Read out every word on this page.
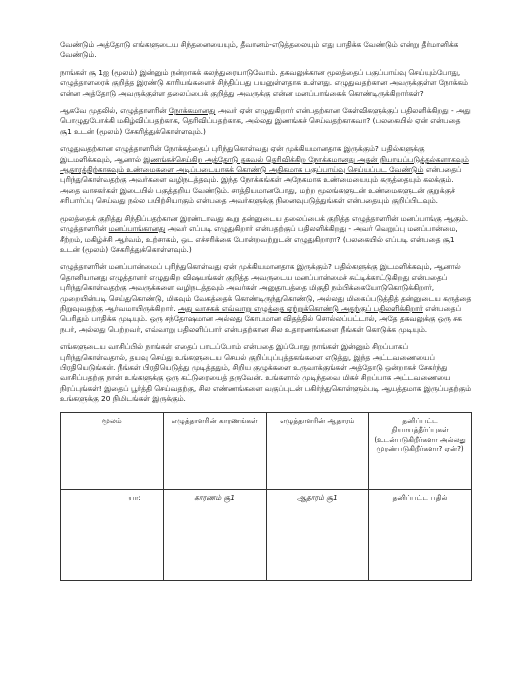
வேண்டும் அத்தோடு எங்களுடைய சிந்தனையையும், தீவானம்-எடுத்தலையும் எது பாதிக்க வேண்டும் என்று தீர்மானிக்க வேண்டும்.

நாங்கள் சூ 1ஐ (மூலம்) இன்னும் நன்றாகக் கலந்துரையாடுவோம். தகவலுக்கான மூலத்தைப் பகுப்பாய்வு செய்யும்போது, எழுத்தாளரைக் குறித்த இரண்டு காரியங்களைச் சிந்திப்பது பயனுள்ளதாக உள்ளது. எழுதுவதற்கான அவருக்குள்ள நோக்கம் என்ன அத்தோடு அவருக்குள்ள தலைப்பைக் குறித்து அவருக்கு என்ன மனப்பாங்கைக் கொண்டிருக்கிறார்கள்?

ஆகவே முதலில், எழுத்தாளரின் நோக்கமானது அவர் ஏன் எழுதுகிறார் என்பதற்கான கேள்விகளுக்குப் பதிலளிக்கிறது - அது பொழுதுபோக்கி மகிழ்விப்பதற்காக, தெரிவிப்பதற்காக, அல்லது இணங்கச் செய்வதற்காகவா? (பலகையில் ஏன் என்பதை சூ1 உடன் (மூலம்) சேகரித்துக்கொள்ளவும்.)

எழுதுவதற்கான எழுத்தாளரின் நோக்கத்தைப் புரிந்துகொள்வது ஏன் முக்கியமானதாக இருக்கும்? பதில்களுக்கு இடமளிக்கவும், ஆனால் இணங்கச்செய்கிற அத்தோடு தகவல் தெரிவிக்கிற நோக்கமானது அதன் நியாயப்படுத்தல்களாகவும் ஆதாரத்திற்காகவும் உண்மைகளை அடிப்படையாகக் கொண்டு அதிகமாக பகுப்பாய்வு செய்யப்பட வேண்டும் என்பதைப் புரிந்துகொள்வதற்கு அவர்களை வழிநடத்தவும். இந்த நோக்கங்கள் அநேகமாக உண்மையையும் கருத்தையும் கலக்கும். அதை வாசகர்கள் இடையில் பகுத்தறிய வேண்டும். சாத்தியமானபோது, மற்ற மூலங்களுடன் உண்மைகளுடன் குறுக்குச் சரிபார்ப்பு செய்வது நல்ல பயிற்சியாகும் என்பதை அவர்களுக்கு நினைவுபடுத்துங்கள் என்பதையும் குறிப்பிடவும்.

மூலத்தைக் குறித்து சிந்திப்பதற்கான இரண்டாவது கூறு தன்னுடைய தலைப்பைக் குறித்த எழுத்தாளரின் மனப்பாங்கு ஆகும். எழுத்தாளரின் மனப்பாங்கானது அவர் எப்படி எழுதுகிறார் என்பதற்குப் பதிலளிக்கிறது - அவர் வெறுப்பு மனப்பான்மை, சீற்றம், மகிழ்ச்சி ஆர்வம், உற்சாகம், ஒட எச்சரிக்கை போன்றவற்றுடன் எழுதுகிறாரா? (பலகையில் எப்படி என்பதை சூ1 உடன் (மூலம்) சேகரித்துக்கொள்ளவும்.)

எழுத்தாளரின் மனப்பான்மைப் புரிந்துகொள்வது ஏன் முக்கியமானதாக இருக்கும்? பதில்களுக்கு இடமளிக்கவும், ஆனால் தொனியானது எழுத்தாளர் எழுதுகிற விஷயங்கள் குறித்த அவருடைய மனப்பான்மைச் சுட்டிக்காட்டுகிறது என்பதைப் புரிந்துகொள்வதற்கு அவருக்களை வழிநடத்தவும் அவர்கள் அனுதாபத்தை மிகுதி நம்பிக்கையோடுகொடுக்கிறார், முறையின்படி செய்துகொண்டு, மிகவும் வேகத்தைக் கொண்டிருந்துகொண்டு, அல்லது மிகைப்படுத்தித் தன்னுடைய கருத்தை நிறுவுவதற்கு ஆர்வமாயிருக்கிறார். அது வாசகக் எவ்வாறு எழுத்தை ஏற்றுக்கொண்டு அதற்குப் பதிலளிக்கிறார் என்பதைப் பெரிதும் பாதிக்க முடியும். ஒரு சந்தோஷமான அல்லது கோபமான விதத்தில் சொல்லப்பட்டால், அதே தகவலுக்கு ஒரு சக நபர், அல்லது பெற்றவர், எவ்வாறு பதிலளிப்பார் என்பதற்கான சில உதாரணங்களை நீங்கள் கொடுக்க முடியும்.

எங்களுடைய வாசிப்பில் நாங்கள் எதைப் பாடப்போம் என்பதை இப்போது நாங்கள் இன்னும் சிறப்பாகப் புரிந்துகொள்வதால், தயவு செய்து உங்களுடைய செயல் குறிப்புப்புத்தகங்களை எடுத்து, இந்த அட்டவணையைப் பிரதியெடுங்கள். நீங்கள் பிரதியெடுத்து முடித்ததும், சிறிய குழுக்களை உருவாக்குங்கள் அத்தோடு ஒன்றாகச் சேகர்ந்து வாசிப்பதற்கு நான் உங்களுக்கு ஒரு கட்டுரையைத் தருவேன். உங்களால் முடிந்தவை மிகச் சிறப்பாக அட்டவணையை நிரப்புங்கள்! இதைப் பூர்த்தி செய்வதற்கு, சில எண்ணங்களை வகுப்புடன் பகிர்ந்துகொள்ளும்படி ஆயத்தமாக இருப்பதற்கும் உங்களுக்கு 20 நிமிடங்கள் இருக்கும்.

மூலம்	எழுத்தாளரின் காரணங்கள்	எழுத்தாளரின் ஆதாரம்	தனிப்பட்ட நியாயத்தீர்ப்புகள் (உடன்படுகிறீர்களா அல்லது முரண்படுகிறீர்களா? ஏன்?)
யா:	காரணம் சூ1	ஆதாரம் சூ1	தனிப்பட்ட பதில்
